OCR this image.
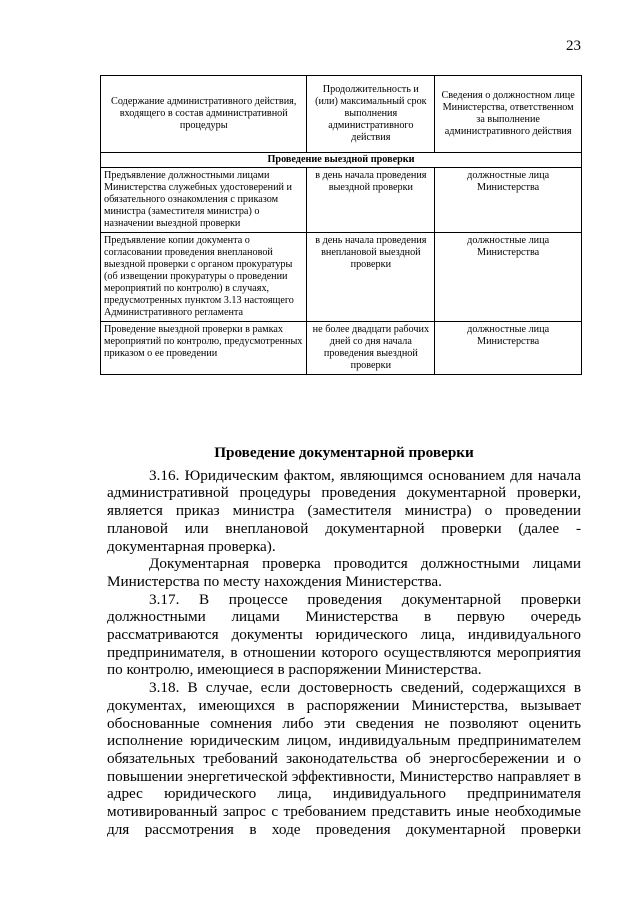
23
Содержание административного действия, входящего в состав административной процедуры	Продолжительность и (или) максимальный срок выполнения административного действия	Сведения о должностном лице Министерства, ответственном за выполнение административного действия
Проведение выездной проверки		
Предъявление должностными лицами Министерства служебных удостоверений и обязательного ознакомления с приказом министра (заместителя министра) о назначении выездной проверки	в день начала проведения выездной проверки	должностные лица Министерства
Предъявление копии документа о согласовании проведения внеплановой выездной проверки с органом прокуратуры (об извещении прокуратуры о проведении мероприятий по контролю) в случаях, предусмотренных пунктом 3.13 настоящего Административного регламента	в день начала проведения внеплановой выездной проверки	должностные лица Министерства
Проведение выездной проверки в рамках мероприятий по контролю, предусмотренных приказом о ее проведении	не более двадцати рабочих дней со дня начала проведения выездной проверки	должностные лица Министерства
Проведение документарной проверки

3.16. Юридическим фактом, являющимся основанием для начала административной процедуры проведения документарной проверки, является приказ министра (заместителя министра) о проведении плановой или внеплановой документарной проверки (далее - документарная проверка).

Документарная проверка проводится должностными лицами Министерства по месту нахождения Министерства.

3.17. В процессе проведения документарной проверки должностными лицами Министерства в первую очередь рассматриваются документы юридического лица, индивидуального предпринимателя, в отношении которого осуществляются мероприятия по контролю, имеющиеся в распоряжении Министерства.

3.18. В случае, если достоверность сведений, содержащихся в документах, имеющихся в распоряжении Министерства, вызывает обоснованные сомнения либо эти сведения не позволяют оценить исполнение юридическим лицом, индивидуальным предпринимателем обязательных требований законодательства об энергосбережении и о повышении энергетической эффективности, Министерство направляет в адрес юридического лица, индивидуального предпринимателя мотивированный запрос с требованием представить иные необходимые для рассмотрения в ходе проведения документарной проверки
